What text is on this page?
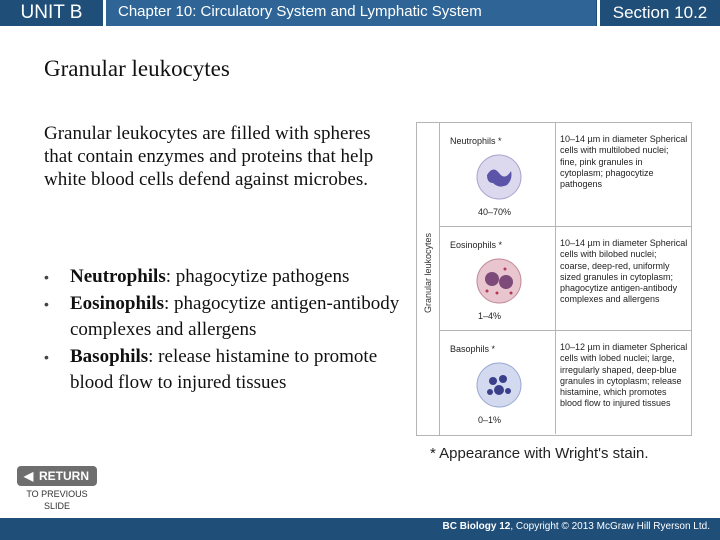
UNIT B	Chapter 10: Circulatory System and Lymphatic System	Section 10.2
Granular leukocytes
Granular leukocytes are filled with spheres that contain enzymes and proteins that help white blood cells defend against microbes.
• Neutrophils: phagocytize pathogens
• Eosinophils: phagocytize antigen-antibody complexes and allergens
• Basophils: release histamine to promote blood flow to injured tissues
Granular leukocytes
Neutrophils *
40–70%
10–14 µm in diameter Spherical cells with multilobed nuclei; fine, pink granules in cytoplasm; phagocytize pathogens
Eosinophils *
1–4%
10–14 µm in diameter Spherical cells with bilobed nuclei; coarse, deep-red, uniformly sized granules in cytoplasm; phagocytize antigen-antibody complexes and allergens
Basophils *
0–1%
10–12 µm in diameter Spherical cells with lobed nuclei; large, irregularly shaped, deep-blue granules in cytoplasm; release histamine, which promotes blood flow to injured tissues
* Appearance with Wright's stain.
◀ RETURN
TO PREVIOUS SLIDE
BC Biology 12, Copyright © 2013 McGraw Hill Ryerson Ltd.
